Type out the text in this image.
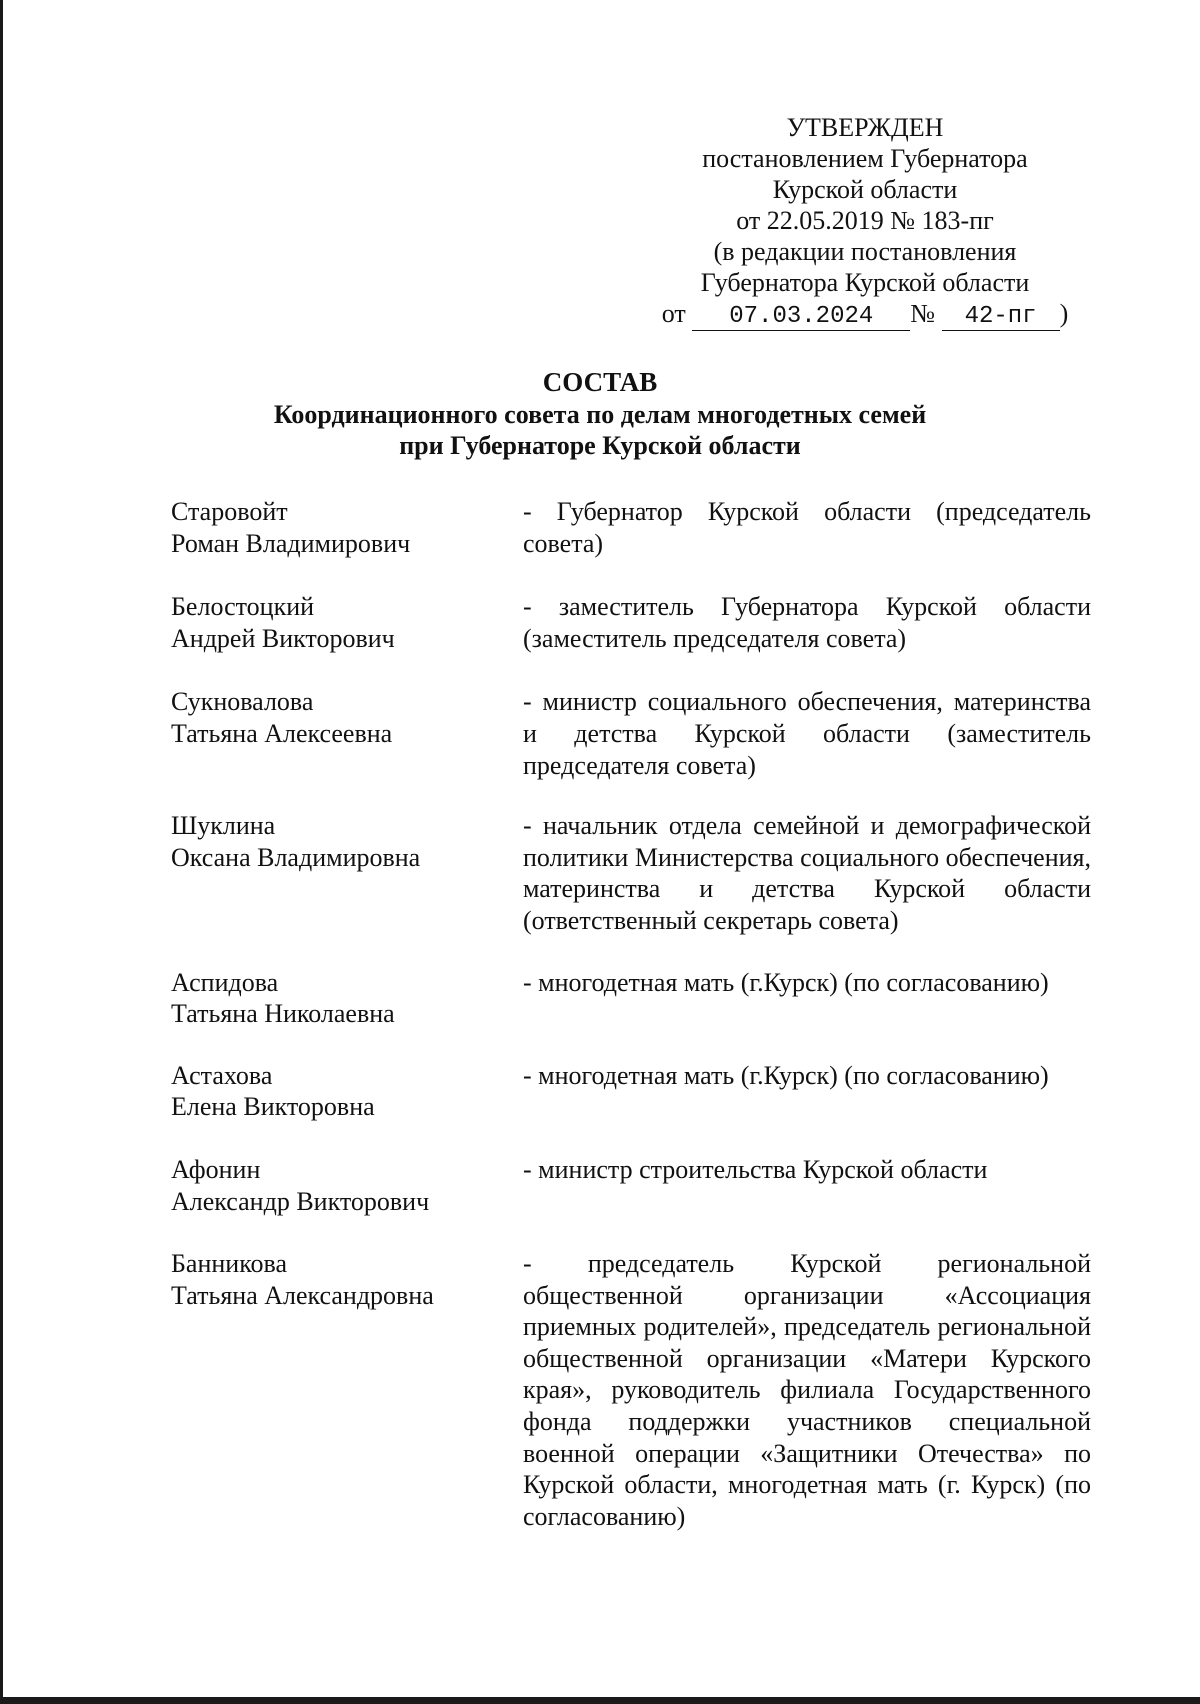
УТВЕРЖДЕН
постановлением Губернатора
Курской области
от 22.05.2019 № 183-пг
(в редакции постановления
Губернатора Курской области
от 07.03.2024 № 42-пг )
СОСТАВ
Координационного совета по делам многодетных семей
при Губернаторе Курской области
Старовойт
Роман Владимирович
- Губернатор Курской области (председатель совета)
Белостоцкий
Андрей Викторович
- заместитель Губернатора Курской области (заместитель председателя совета)
Сукновалова
Татьяна Алексеевна
- министр социального обеспечения, материнства и детства Курской области (заместитель председателя совета)
Шуклина
Оксана Владимировна
- начальник отдела семейной и демографической политики Министерства социального обеспечения, материнства и детства Курской области (ответственный секретарь совета)
Аспидова
Татьяна Николаевна
- многодетная мать (г.Курск) (по согласованию)
Астахова
Елена Викторовна
- многодетная мать (г.Курск) (по согласованию)
Афонин
Александр Викторович
- министр строительства Курской области
Банникова
Татьяна Александровна
- председатель Курской региональной общественной организации «Ассоциация приемных родителей», председатель региональной общественной организации «Матери Курского края», руководитель филиала Государственного фонда поддержки участников специальной военной операции «Защитники Отечества» по Курской области, многодетная мать (г. Курск) (по согласованию)
